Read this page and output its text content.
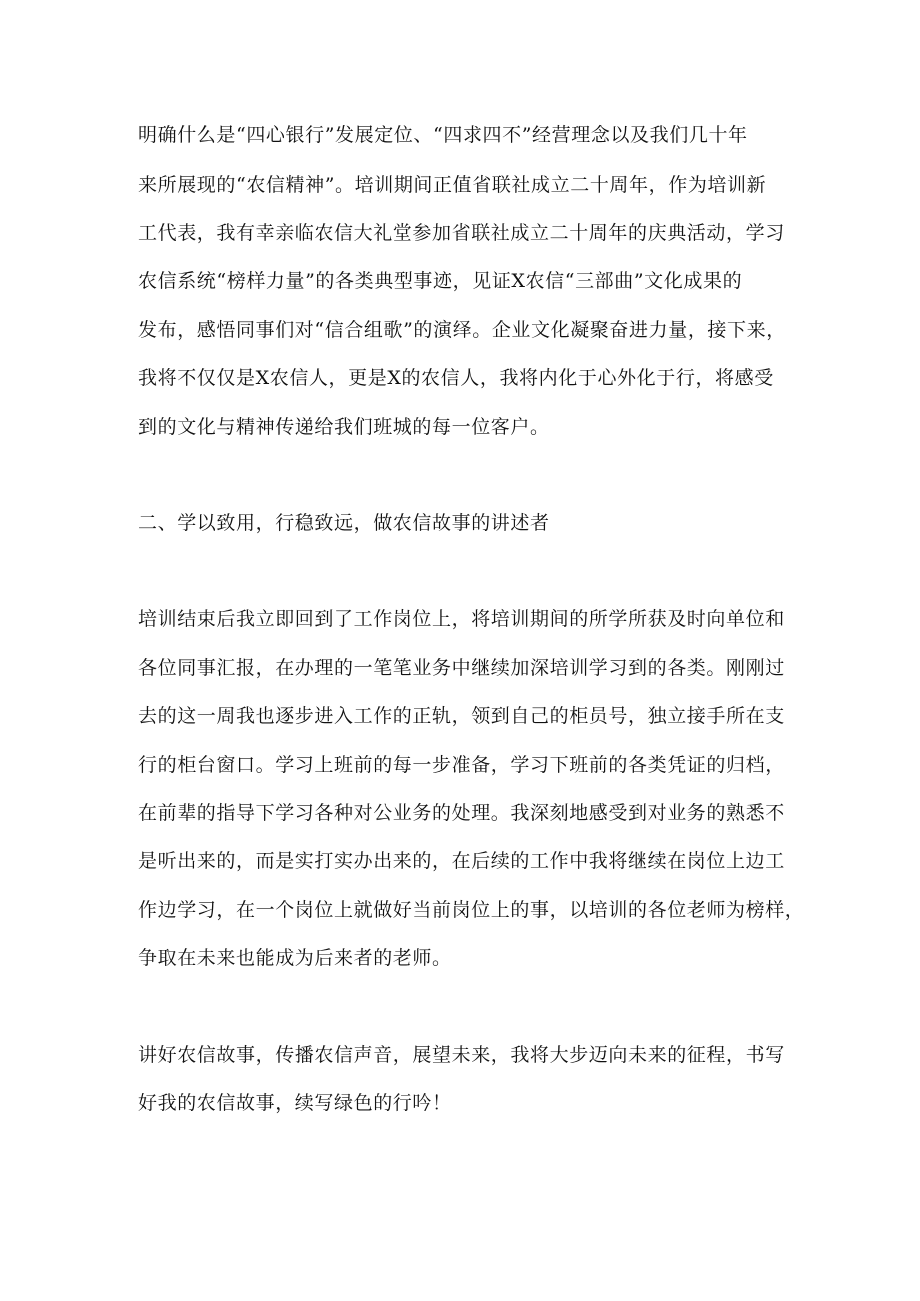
明确什么是“四心银行”发展定位、“四求四不”经营理念以及我们几十年

来所展现的“农信精神”。培训期间正值省联社成立二十周年，作为培训新

工代表，我有幸亲临农信大礼堂参加省联社成立二十周年的庆典活动，学习

农信系统“榜样力量”的各类典型事迹，见证X农信“三部曲”文化成果的

发布，感悟同事们对“信合组歌”的演绎。企业文化凝聚奋进力量，接下来，

我将不仅仅是X农信人，更是X的农信人，我将内化于心外化于行，将感受

到的文化与精神传递给我们班城的每一位客户。

二、学以致用，行稳致远，做农信故事的讲述者

培训结束后我立即回到了工作岗位上，将培训期间的所学所获及时向单位和

各位同事汇报，在办理的一笔笔业务中继续加深培训学习到的各类。刚刚过

去的这一周我也逐步进入工作的正轨，领到自己的柜员号，独立接手所在支

行的柜台窗口。学习上班前的每一步准备，学习下班前的各类凭证的归档，

在前辈的指导下学习各种对公业务的处理。我深刻地感受到对业务的熟悉不

是听出来的，而是实打实办出来的，在后续的工作中我将继续在岗位上边工

作边学习，在一个岗位上就做好当前岗位上的事，以培训的各位老师为榜样，

争取在未来也能成为后来者的老师。

讲好农信故事，传播农信声音，展望未来，我将大步迈向未来的征程，书写

好我的农信故事，续写绿色的行吟！
